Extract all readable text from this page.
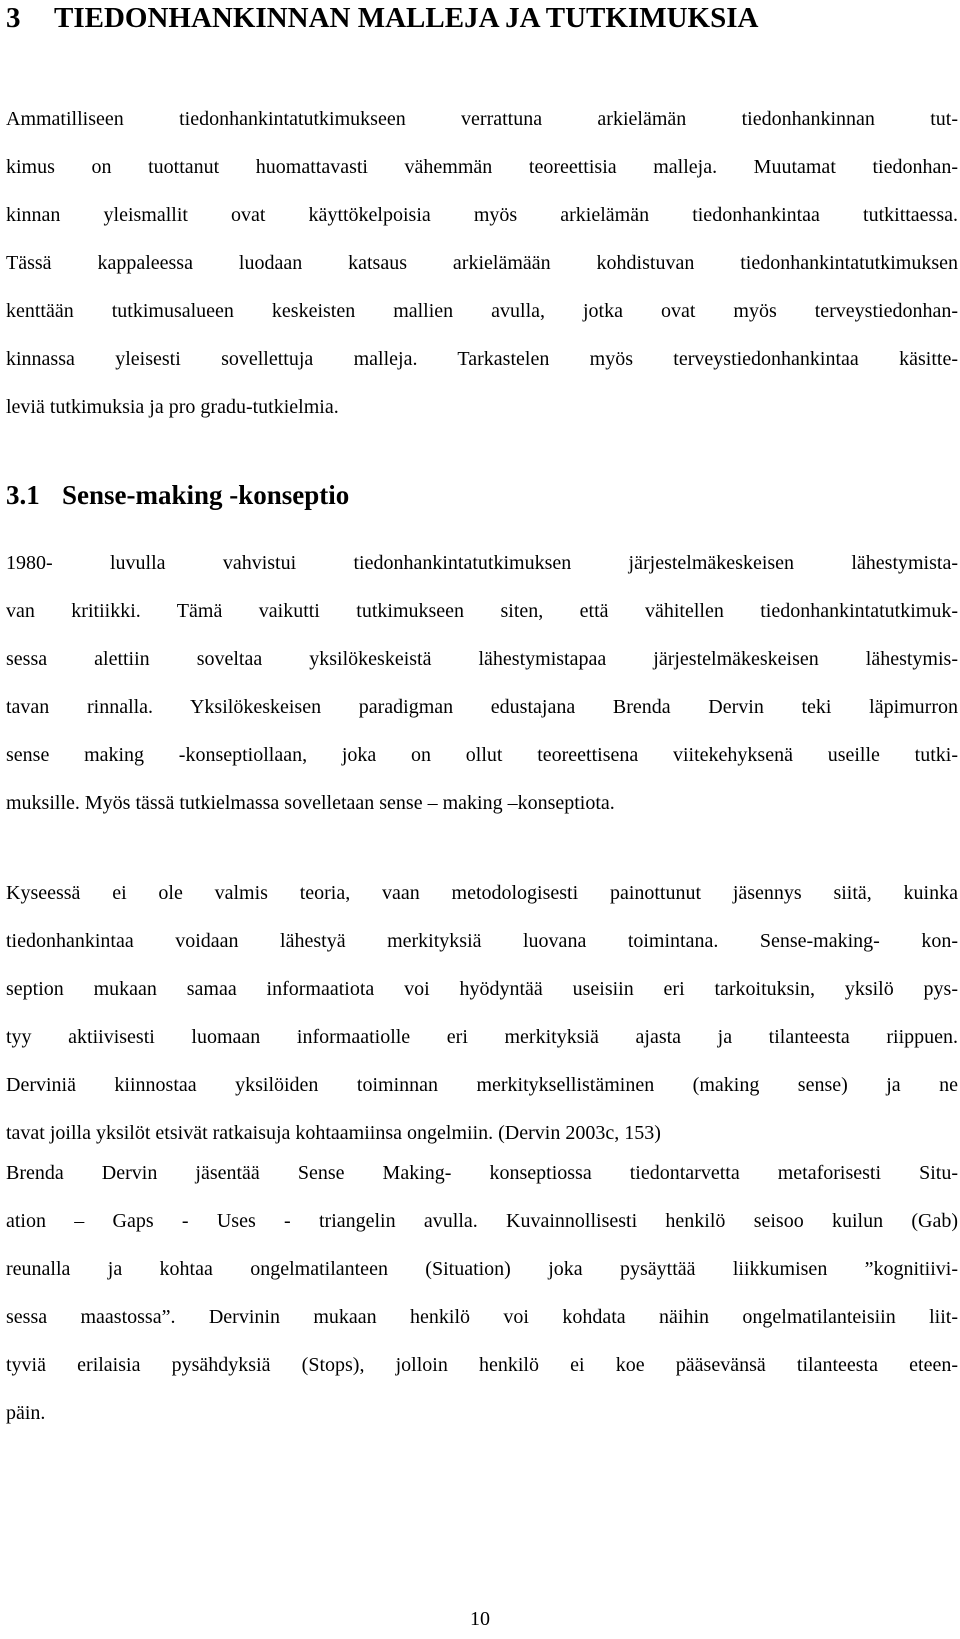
3 TIEDONHANKINNAN MALLEJA JA TUTKIMUKSIA
Ammatilliseen tiedonhankintatutkimukseen verrattuna arkielämän tiedonhankinnan tut-
kimus on tuottanut huomattavasti vähemmän teoreettisia malleja. Muutamat tiedonhan-
kinnan yleismallit ovat käyttökelpoisia myös arkielämän tiedonhankintaa tutkittaessa.
Tässä kappaleessa luodaan katsaus arkielämään kohdistuvan tiedonhankintatutkimuksen
kenttään tutkimusalueen keskeisten mallien avulla, jotka ovat myös terveystiedonhan-
kinnassa yleisesti sovellettuja malleja. Tarkastelen myös terveystiedonhankintaa käsitte-
leviä tutkimuksia ja pro gradu-tutkielmia.
3.1 Sense-making -konseptio
1980- luvulla vahvistui tiedonhankintatutkimuksen järjestelmäkeskeisen lähestymista-
van kritiikki. Tämä vaikutti tutkimukseen siten, että vähitellen tiedonhankintatutkimuk-
sessa alettiin soveltaa yksilökeskeistä lähestymistapaa järjestelmäkeskeisen lähestymis-
tavan rinnalla. Yksilökeskeisen paradigman edustajana Brenda Dervin teki läpimurron
sense making -konseptiollaan, joka on ollut teoreettisena viitekehyksenä useille tutki-
muksille. Myös tässä tutkielmassa sovelletaan sense – making –konseptiota.
Kyseessä ei ole valmis teoria, vaan metodologisesti painottunut jäsennys siitä, kuinka
tiedonhankintaa voidaan lähestyä merkityksiä luovana toimintana. Sense-making- kon-
seption mukaan samaa informaatiota voi hyödyntää useisiin eri tarkoituksin, yksilö pys-
tyy aktiivisesti luomaan informaatiolle eri merkityksiä ajasta ja tilanteesta riippuen.
Derviniä kiinnostaa yksilöiden toiminnan merkityksellistäminen (making sense) ja ne
tavat joilla yksilöt etsivät ratkaisuja kohtaamiinsa ongelmiin. (Dervin 2003c, 153)
Brenda Dervin jäsentää Sense Making- konseptiossa tiedontarvetta metaforisesti Situ-
ation – Gaps - Uses - triangelin avulla. Kuvainnollisesti henkilö seisoo kuilun (Gab)
reunalla ja kohtaa ongelmatilanteen (Situation) joka pysäyttää liikkumisen ”kognitiivi-
sessa maastossa”. Dervinin mukaan henkilö voi kohdata näihin ongelmatilanteisiin liit-
tyviä erilaisia pysähdyksiä (Stops), jolloin henkilö ei koe pääsevänsä tilanteesta eteen-
päin.
10
